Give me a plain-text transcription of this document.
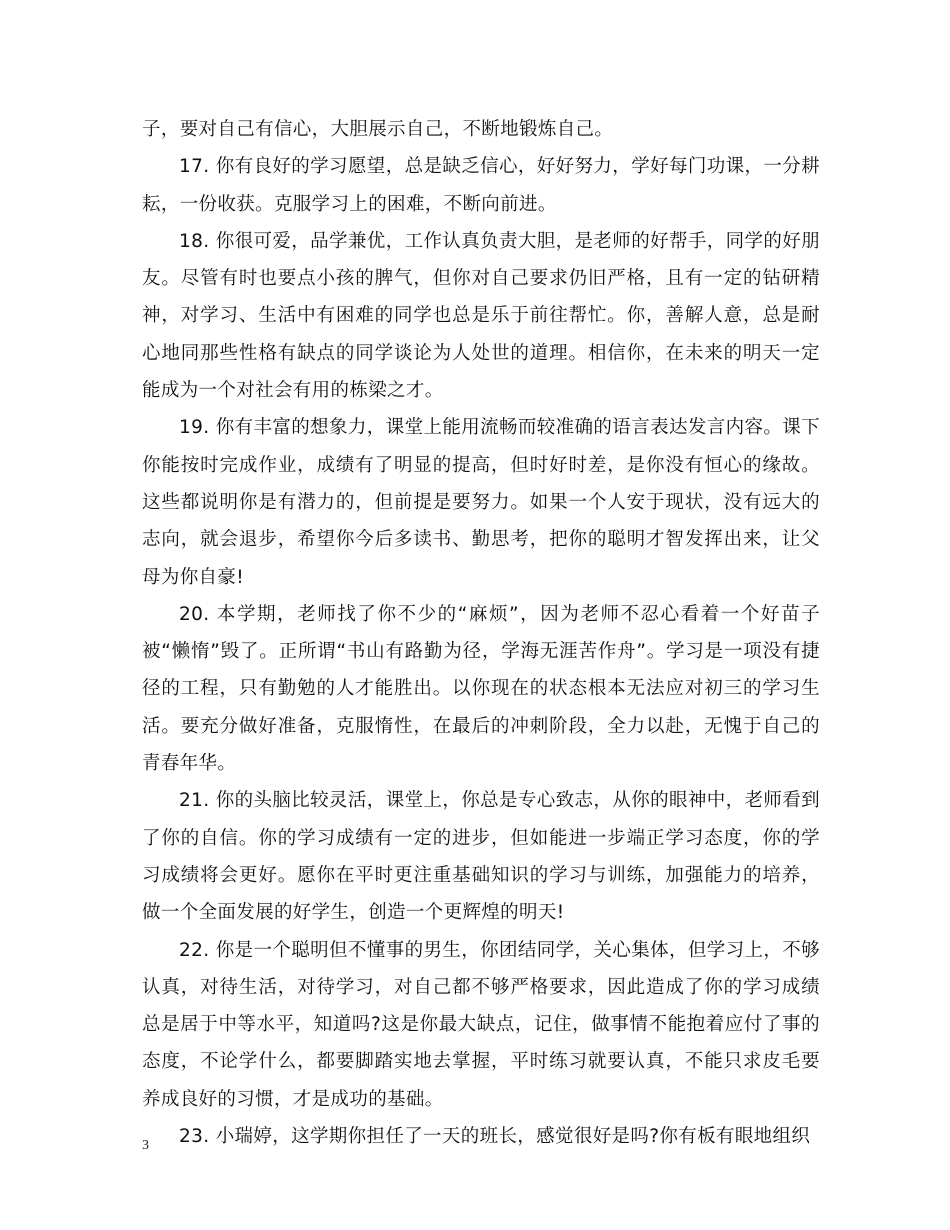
子，要对自己有信心，大胆展示自己，不断地锻炼自己。

17. 你有良好的学习愿望，总是缺乏信心，好好努力，学好每门功课，一分耕耘，一份收获。克服学习上的困难，不断向前进。

18. 你很可爱，品学兼优，工作认真负责大胆，是老师的好帮手，同学的好朋友。尽管有时也要点小孩的脾气，但你对自己要求仍旧严格，且有一定的钻研精神，对学习、生活中有困难的同学也总是乐于前往帮忙。你，善解人意，总是耐心地同那些性格有缺点的同学谈论为人处世的道理。相信你，在未来的明天一定能成为一个对社会有用的栋梁之才。

19. 你有丰富的想象力，课堂上能用流畅而较准确的语言表达发言内容。课下你能按时完成作业，成绩有了明显的提高，但时好时差，是你没有恒心的缘故。这些都说明你是有潜力的，但前提是要努力。如果一个人安于现状，没有远大的志向，就会退步，希望你今后多读书、勤思考，把你的聪明才智发挥出来，让父母为你自豪!

20. 本学期，老师找了你不少的“麻烦”，因为老师不忍心看着一个好苗子被“懒惰”毁了。正所谓“书山有路勤为径，学海无涯苦作舟”。学习是一项没有捷径的工程，只有勤勉的人才能胜出。以你现在的状态根本无法应对初三的学习生活。要充分做好准备，克服惰性，在最后的冲刺阶段，全力以赴，无愧于自己的青春年华。

21. 你的头脑比较灵活，课堂上，你总是专心致志，从你的眼神中，老师看到了你的自信。你的学习成绩有一定的进步，但如能进一步端正学习态度，你的学习成绩将会更好。愿你在平时更注重基础知识的学习与训练，加强能力的培养，做一个全面发展的好学生，创造一个更辉煌的明天!

22. 你是一个聪明但不懂事的男生，你团结同学，关心集体，但学习上，不够认真，对待生活，对待学习，对自己都不够严格要求，因此造成了你的学习成绩总是居于中等水平，知道吗?这是你最大缺点，记住，做事情不能抱着应付了事的态度，不论学什么，都要脚踏实地去掌握，平时练习就要认真，不能只求皮毛要养成良好的习惯，才是成功的基础。

23. 小瑞婷，这学期你担任了一天的班长，感觉很好是吗?你有板有眼地组织

3
